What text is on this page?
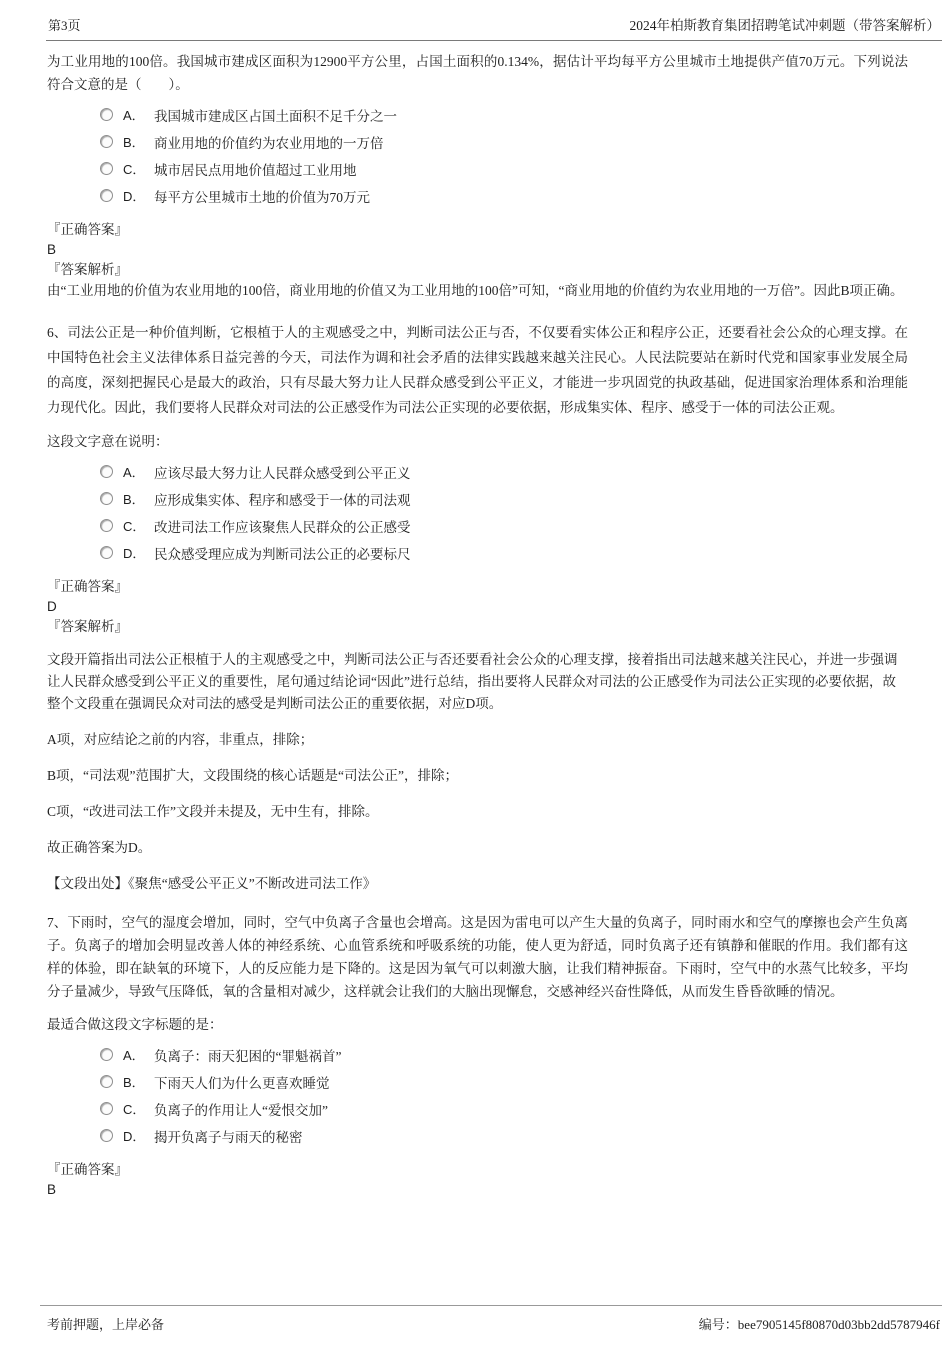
第3页	2024年柏斯教育集团招聘笔试冲刺题（带答案解析）

为工业用地的100倍。我国城市建成区面积为12900平方公里，占国土面积的0.134%，据估计平均每平方公里城市土地提供产值70万元。下列说法符合文意的是（　　）。

A． 我国城市建成区占国土面积不足千分之一
B． 商业用地的价值约为农业用地的一万倍
C． 城市居民点用地价值超过工业用地
D． 每平方公里城市土地的价值为70万元
『正确答案』
B
『答案解析』

由“工业用地的价值为农业用地的100倍，商业用地的价值又为工业用地的100倍”可知，“商业用地的价值约为农业用地的一万倍”。因此B项正确。

6、司法公正是一种价值判断，它根植于人的主观感受之中，判断司法公正与否，不仅要看实体公正和程序公正，还要看社会公众的心理支撑。在中国特色社会主义法律体系日益完善的今天，司法作为调和社会矛盾的法律实践越来越关注民心。人民法院要站在新时代党和国家事业发展全局的高度，深刻把握民心是最大的政治，只有尽最大努力让人民群众感受到公平正义，才能进一步巩固党的执政基础，促进国家治理体系和治理能力现代化。因此，我们要将人民群众对司法的公正感受作为司法公正实现的必要依据，形成集实体、程序、感受于一体的司法公正观。

这段文字意在说明：

A． 应该尽最大努力让人民群众感受到公平正义
B． 应形成集实体、程序和感受于一体的司法观
C． 改进司法工作应该聚焦人民群众的公正感受
D． 民众感受理应成为判断司法公正的必要标尺
『正确答案』
D
『答案解析』

文段开篇指出司法公正根植于人的主观感受之中，判断司法公正与否还要看社会公众的心理支撑，接着指出司法越来越关注民心，并进一步强调让人民群众感受到公平正义的重要性，尾句通过结论词“因此”进行总结，指出要将人民群众对司法的公正感受作为司法公正实现的必要依据，故整个文段重在强调民众对司法的感受是判断司法公正的重要依据，对应D项。

A项，对应结论之前的内容，非重点，排除；

B项，“司法观”范围扩大，文段围绕的核心话题是“司法公正”，排除；

C项，“改进司法工作”文段并未提及，无中生有，排除。

故正确答案为D。

【文段出处】《聚焦“感受公平正义”不断改进司法工作》

7、下雨时，空气的湿度会增加，同时，空气中负离子含量也会增高。这是因为雷电可以产生大量的负离子，同时雨水和空气的摩擦也会产生负离子。负离子的增加会明显改善人体的神经系统、心血管系统和呼吸系统的功能，使人更为舒适，同时负离子还有镇静和催眠的作用。我们都有这样的体验，即在缺氧的环境下，人的反应能力是下降的。这是因为氧气可以刺激大脑，让我们精神振奋。下雨时，空气中的水蒸气比较多，平均分子量减少，导致气压降低，氧的含量相对减少，这样就会让我们的大脑出现懈怠，交感神经兴奋性降低，从而发生昏昏欲睡的情况。

最适合做这段文字标题的是：

A． 负离子：雨天犯困的“罪魁祸首”
B． 下雨天人们为什么更喜欢睡觉
C． 负离子的作用让人“爱恨交加”
D． 揭开负离子与雨天的秘密
『正确答案』
B
考前押题，上岸必备	编号：bee7905145f80870d03bb2dd5787946f
